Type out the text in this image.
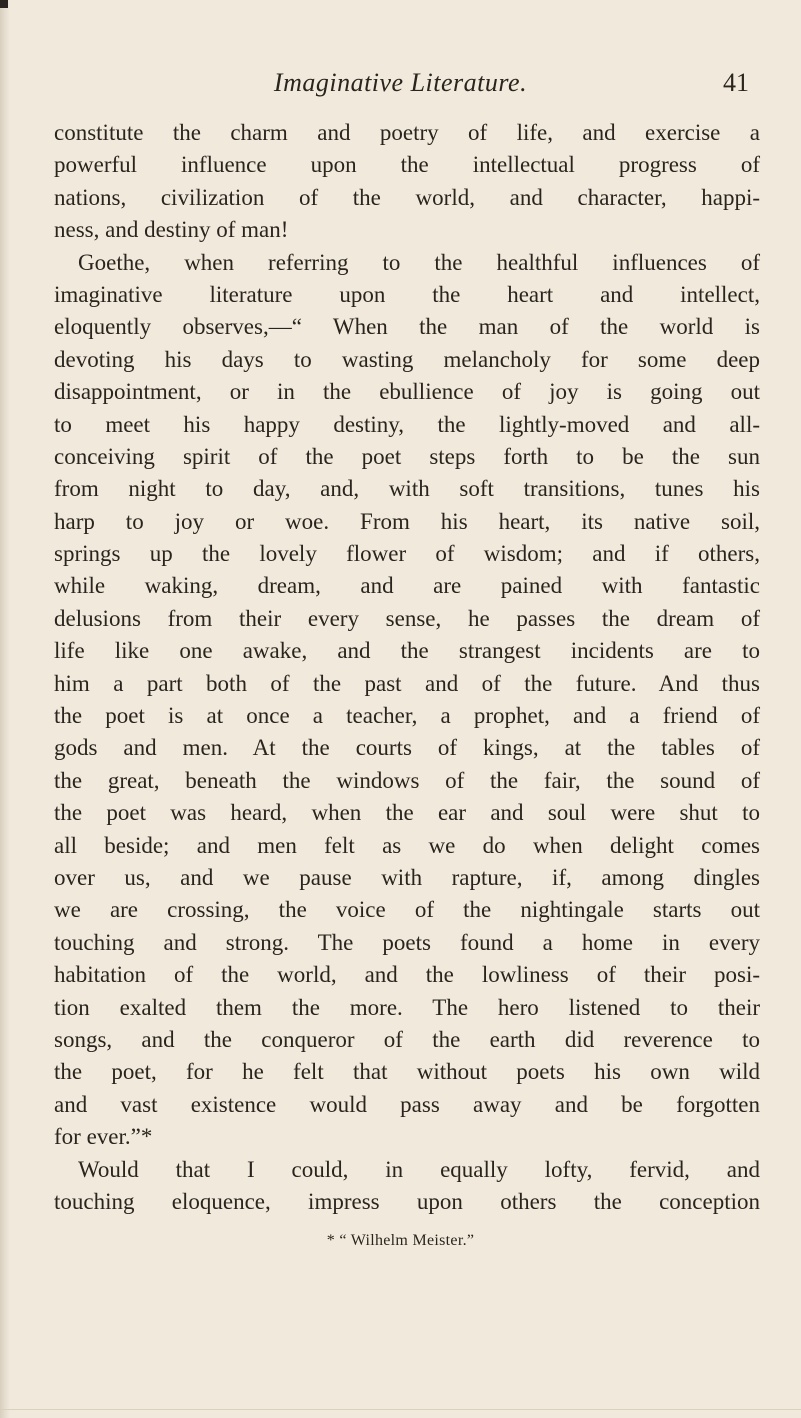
Imaginative Literature.	41
constitute the charm and poetry of life, and exercise a
powerful influence upon the intellectual progress of
nations, civilization of the world, and character, happi-
ness, and destiny of man!
Goethe, when referring to the healthful influences of
imaginative literature upon the heart and intellect,
eloquently observes,—“ When the man of the world is
devoting his days to wasting melancholy for some deep
disappointment, or in the ebullience of joy is going out
to meet his happy destiny, the lightly-moved and all-
conceiving spirit of the poet steps forth to be the sun
from night to day, and, with soft transitions, tunes his
harp to joy or woe. From his heart, its native soil,
springs up the lovely flower of wisdom; and if others,
while waking, dream, and are pained with fantastic
delusions from their every sense, he passes the dream of
life like one awake, and the strangest incidents are to
him a part both of the past and of the future. And thus
the poet is at once a teacher, a prophet, and a friend of
gods and men. At the courts of kings, at the tables of
the great, beneath the windows of the fair, the sound of
the poet was heard, when the ear and soul were shut to
all beside; and men felt as we do when delight comes
over us, and we pause with rapture, if, among dingles
we are crossing, the voice of the nightingale starts out
touching and strong. The poets found a home in every
habitation of the world, and the lowliness of their posi-
tion exalted them the more. The hero listened to their
songs, and the conqueror of the earth did reverence to
the poet, for he felt that without poets his own wild
and vast existence would pass away and be forgotten
for ever.”*
Would that I could, in equally lofty, fervid, and
touching eloquence, impress upon others the conception
* “ Wilhelm Meister.”
